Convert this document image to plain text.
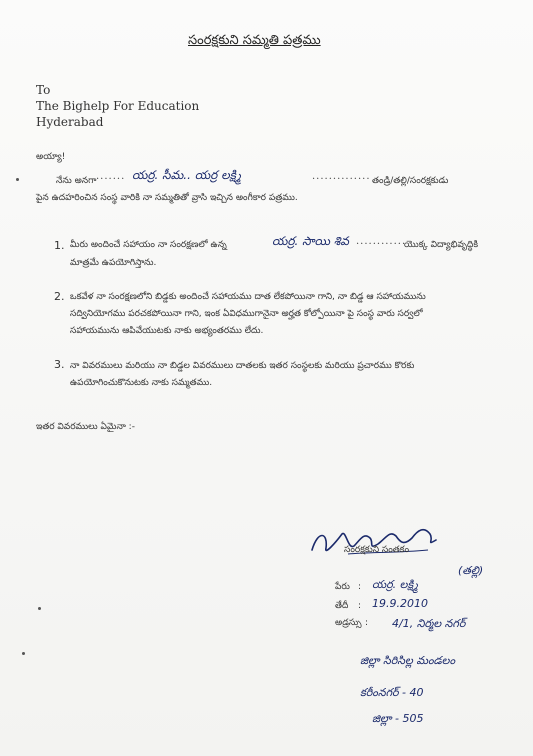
సంరక్షకుని సమ్మతి పత్రము
To
The Bighelp For Education
Hyderabad
అయ్యా!
నేను అనగా ....... యర్ర. సీమ.. యర్ర లక్ష్మి	.............. తండ్రి/తల్లి/సంరక్షకుడు
పైన ఉదహరించిన సంస్థ వారికి నా సమ్మతితో వ్రాసి ఇచ్చిన అంగీకార పత్రము.
1. మీరు అందించే సహాయం నా సంరక్షణలో ఉన్న	యర్ర. సాయి శివ ............
యొక్క విద్యాభివృద్ధికి
మాత్రమే ఉపయోగిస్తాను.
2. ఒకవేళ నా సంరక్షణలోని బిడ్డకు అందించే సహాయము దాత లేకపోయినా గాని, నా బిడ్డ ఆ సహాయమును
సద్వినియోగము పరచకపోయినా గాని, ఇంక ఏవిధముగానైనా అర్హత కోల్పోయినా పై సంస్థ వారు సర్వలో
సహాయమును ఆపివేయుటకు నాకు అభ్యంతరము లేదు.
3. నా వివరములు మరియు నా బిడ్డల వివరములు దాతలకు ఇతర సంస్థలకు మరియు ప్రచారము కొరకు
ఉపయోగించుకొనుటకు నాకు సమ్మతము.
ఇతర వివరములు ఏమైనా :-
సంరక్షకుని సంతకం
(తల్లి)
పేరు : యర్ర. లక్ష్మి
తేదీ : 19.9.2010
అడ్రస్సు : 4/1, నిర్మల నగర్
జిల్లా సిరిసిల్ల మండలం
కరీంనగర్ - 40
జిల్లా - 505
